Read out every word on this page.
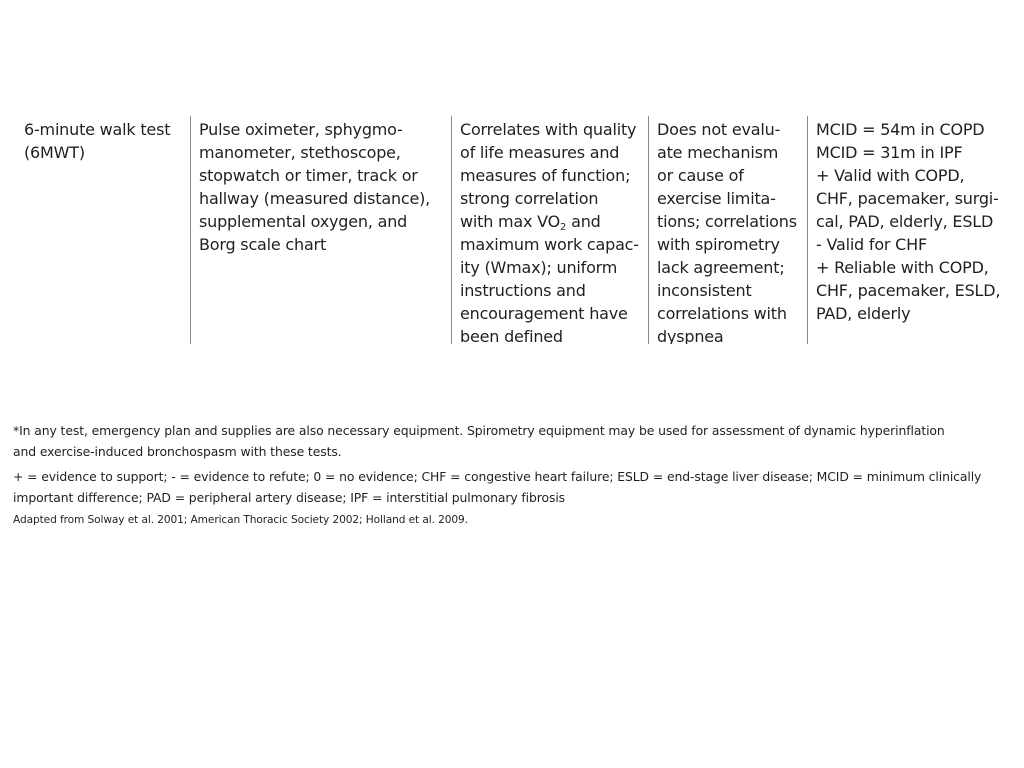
6-minute walk test
(6MWT)
Pulse oximeter, sphygmo-
manometer, stethoscope,
stopwatch or timer, track or
hallway (measured distance),
supplemental oxygen, and
Borg scale chart
Correlates with quality
of life measures and
measures of function;
strong correlation
with $\max VO_2$ and
maximum work capac-
ity (Wmax); uniform
instructions and
encouragement have
been defined
Does not evalu-
ate mechanism
or cause of
exercise limita-
tions; correlations
with spirometry
lack agreement;
inconsistent
correlations with
dyspnea
MCID = 54m in COPD
MCID = 31m in IPF
+ Valid with COPD,
CHF, pacemaker, surgi-
cal, PAD, elderly, ESLD
- Valid for CHF
+ Reliable with COPD,
CHF, pacemaker, ESLD,
PAD, elderly
*In any test, emergency plan and supplies are also necessary equipment. Spirometry equipment may be used for assessment of dynamic hyperinflation
and exercise-induced bronchospasm with these tests.
+ = evidence to support; - = evidence to refute; 0 = no evidence; CHF = congestive heart failure; ESLD = end-stage liver disease; MCID = minimum clinically
important difference; PAD = peripheral artery disease; IPF = interstitial pulmonary fibrosis
Adapted from Solway et al. 2001; American Thoracic Society 2002; Holland et al. 2009.
